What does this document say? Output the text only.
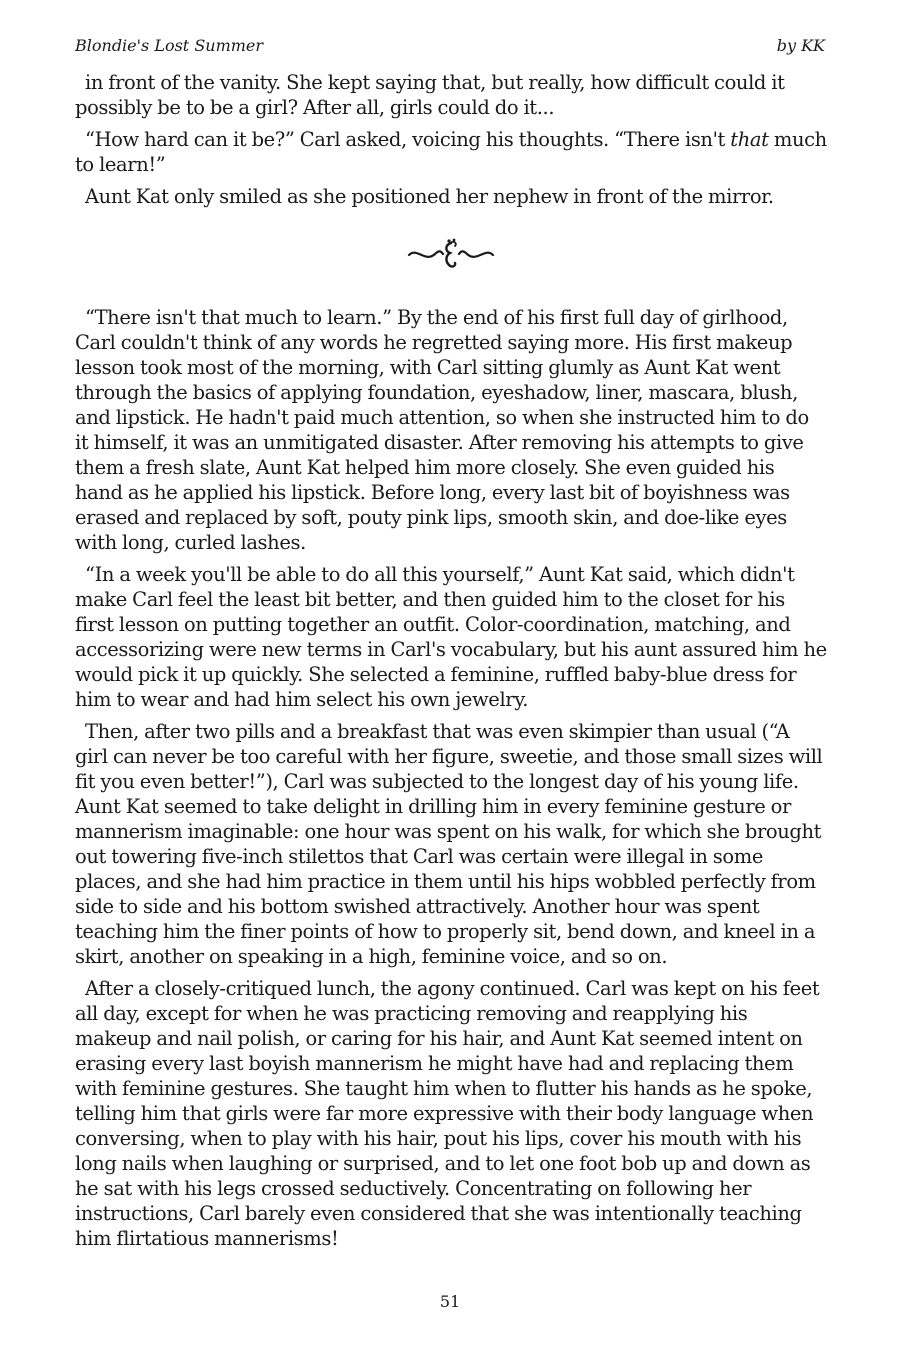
Blondie's Lost Summer	by KK

in front of the vanity. She kept saying that, but really, how difficult could it possibly be to be a girl? After all, girls could do it...

“How hard can it be?” Carl asked, voicing his thoughts. “There isn't that much to learn!”

Aunt Kat only smiled as she positioned her nephew in front of the mirror.

“There isn't that much to learn.” By the end of his first full day of girlhood, Carl couldn't think of any words he regretted saying more. His first makeup lesson took most of the morning, with Carl sitting glumly as Aunt Kat went through the basics of applying foundation, eyeshadow, liner, mascara, blush, and lipstick. He hadn't paid much attention, so when she instructed him to do it himself, it was an unmitigated disaster. After removing his attempts to give them a fresh slate, Aunt Kat helped him more closely. She even guided his hand as he applied his lipstick. Before long, every last bit of boyishness was erased and replaced by soft, pouty pink lips, smooth skin, and doe-like eyes with long, curled lashes.

“In a week you'll be able to do all this yourself,” Aunt Kat said, which didn't make Carl feel the least bit better, and then guided him to the closet for his first lesson on putting together an outfit. Color-coordination, matching, and accessorizing were new terms in Carl's vocabulary, but his aunt assured him he would pick it up quickly. She selected a feminine, ruffled baby-blue dress for him to wear and had him select his own jewelry.

Then, after two pills and a breakfast that was even skimpier than usual (“A girl can never be too careful with her figure, sweetie, and those small sizes will fit you even better!”), Carl was subjected to the longest day of his young life. Aunt Kat seemed to take delight in drilling him in every feminine gesture or mannerism imaginable: one hour was spent on his walk, for which she brought out towering five-inch stilettos that Carl was certain were illegal in some places, and she had him practice in them until his hips wobbled perfectly from side to side and his bottom swished attractively. Another hour was spent teaching him the finer points of how to properly sit, bend down, and kneel in a skirt, another on speaking in a high, feminine voice, and so on.

After a closely-critiqued lunch, the agony continued. Carl was kept on his feet all day, except for when he was practicing removing and reapplying his makeup and nail polish, or caring for his hair, and Aunt Kat seemed intent on erasing every last boyish mannerism he might have had and replacing them with feminine gestures. She taught him when to flutter his hands as he spoke, telling him that girls were far more expressive with their body language when conversing, when to play with his hair, pout his lips, cover his mouth with his long nails when laughing or surprised, and to let one foot bob up and down as he sat with his legs crossed seductively. Concentrating on following her instructions, Carl barely even considered that she was intentionally teaching him flirtatious mannerisms!

51
